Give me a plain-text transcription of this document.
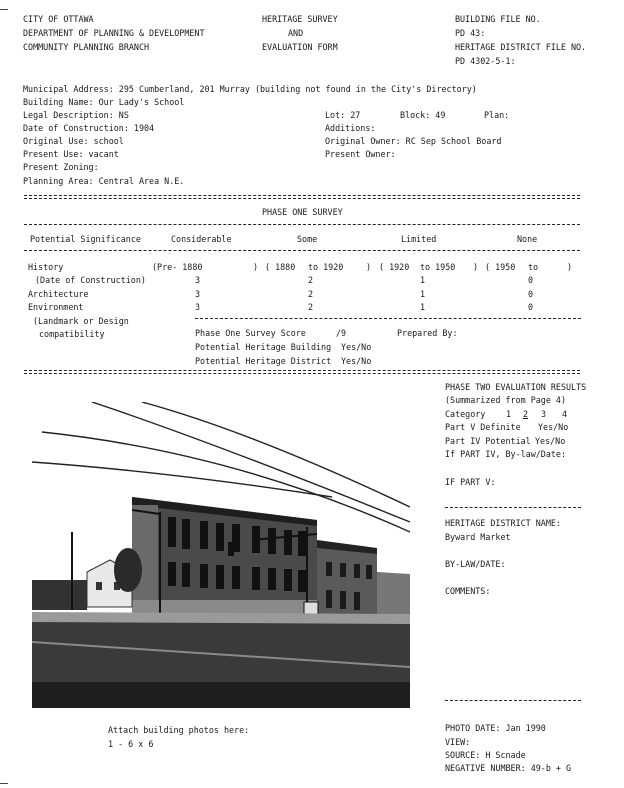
CITY OF OTTAWA
DEPARTMENT OF PLANNING & DEVELOPMENT
COMMUNITY PLANNING BRANCH
HERITAGE SURVEY
AND
EVALUATION FORM
BUILDING FILE NO.
PD 43:
HERITAGE DISTRICT FILE NO.
PD 4302-5-1:
Municipal Address: 295 Cumberland, 201 Murray (building not found in the City's Directory)
Building Name: Our Lady's School
Legal Description: NS
Date of Construction: 1904
Original Use: school
Present Use: vacant
Present Zoning:
Planning Area: Central Area N.E.
Lot: 27	Block: 49	Plan:
Additions:
Original Owner: RC Sep School Board
Present Owner:
PHASE ONE SURVEY
Potential Significance	Considerable	Some	Limited	None
History	(Pre- 1880	) ( 1880 to 1920	) ( 1920 to 1950 ) ( 1950 to	)
(Date of Construction)	3	2	1	0
Architecture	3	2	1	0
Environment	3	2	1	0
(Landmark or Design
compatibility	Phase One Survey Score	/9	Prepared By:
Potential Heritage Building Yes/No
Potential Heritage District Yes/No
PHASE TWO EVALUATION RESULTS
(Summarized from Page 4)
Category 1 2 3 4
Part V Definite Yes/No
Part IV Potential Yes/No
If PART IV, By-law/Date:
IF PART V:
HERITAGE DISTRICT NAME:
Byward Market
BY-LAW/DATE:
COMMENTS:
Attach building photos here:
1 - 6 x 6
PHOTO DATE: Jan 1990
VIEW:
SOURCE: H Scnade
NEGATIVE NUMBER: 49-b + G
